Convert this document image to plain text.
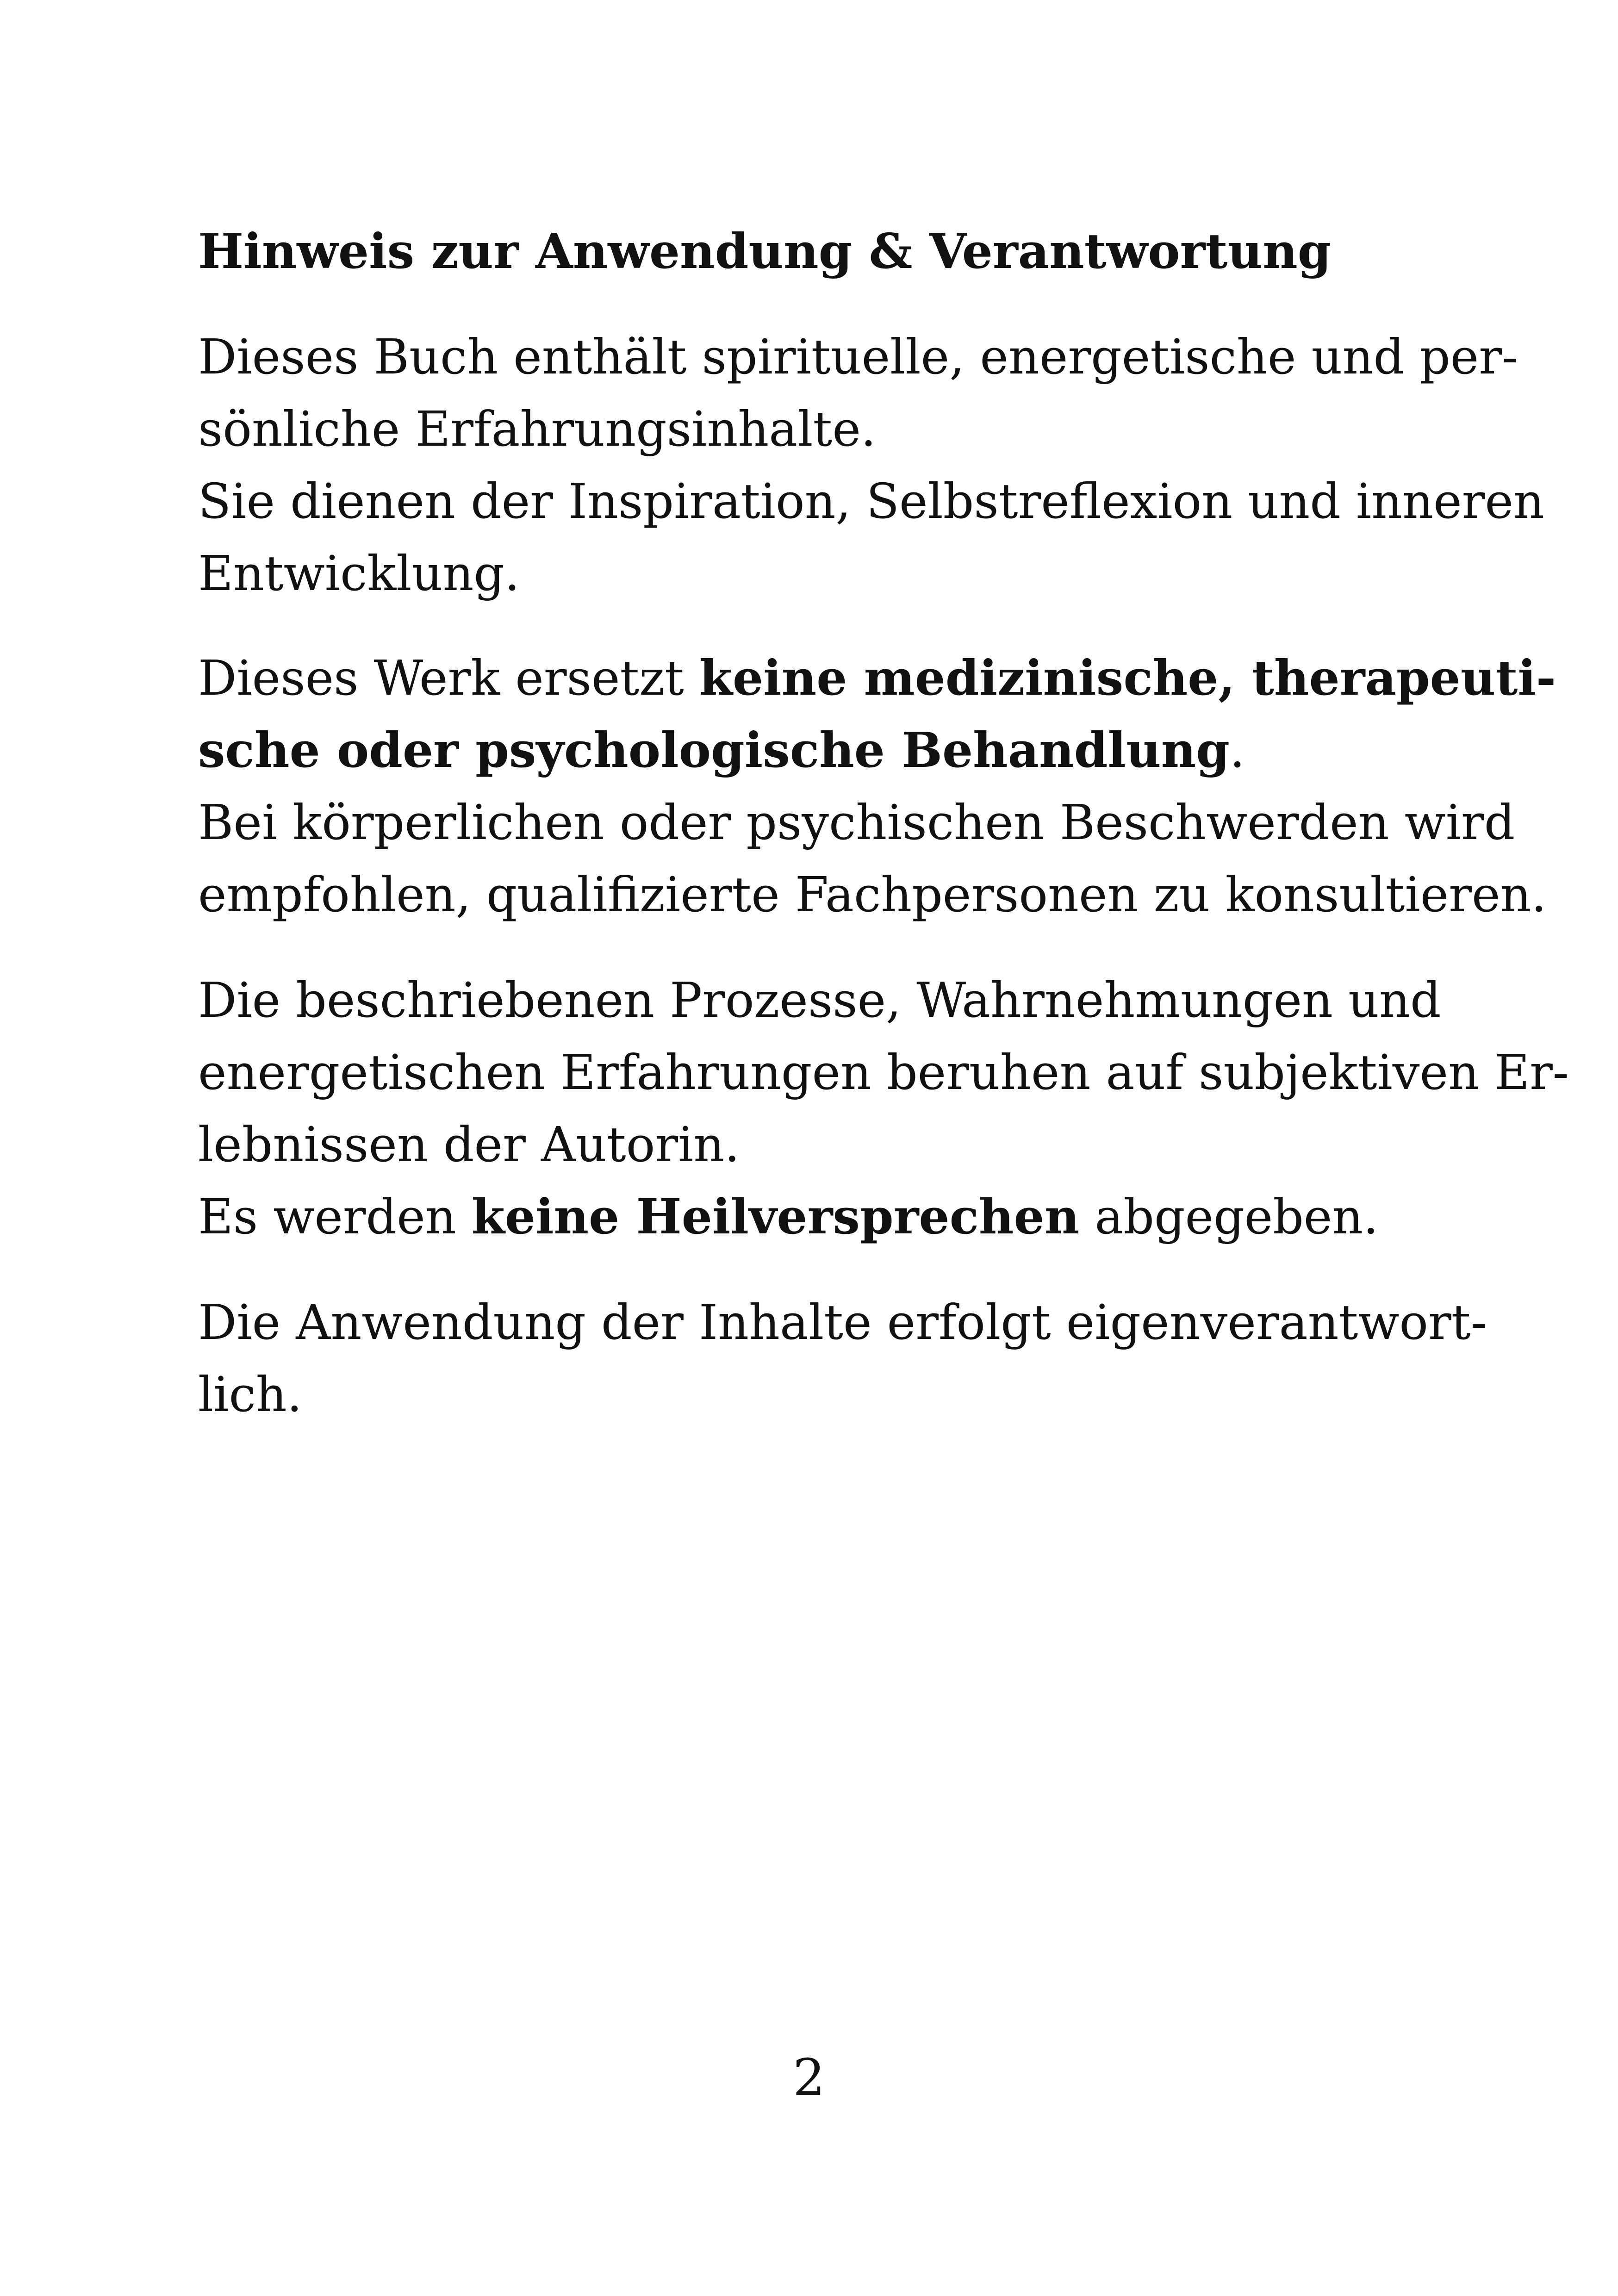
Hinweis zur Anwendung & Verantwortung
Dieses Buch enthält spirituelle, energetische und per-
sönliche Erfahrungsinhalte.
Sie dienen der Inspiration, Selbstreflexion und inneren
Entwicklung.
Dieses Werk ersetzt keine medizinische, therapeuti-
sche oder psychologische Behandlung.
Bei körperlichen oder psychischen Beschwerden wird
empfohlen, qualifizierte Fachpersonen zu konsultieren.
Die beschriebenen Prozesse, Wahrnehmungen und
energetischen Erfahrungen beruhen auf subjektiven Er-
lebnissen der Autorin.
Es werden keine Heilversprechen abgegeben.
Die Anwendung der Inhalte erfolgt eigenverantwort-
lich.
2
